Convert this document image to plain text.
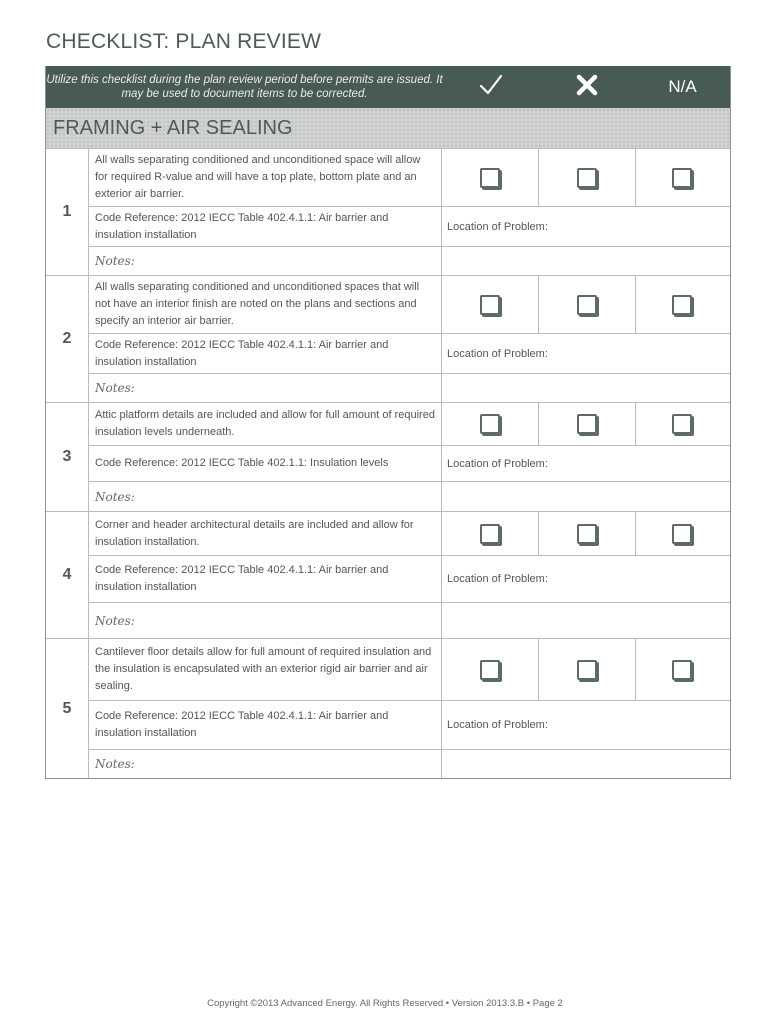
CHECKLIST: PLAN REVIEW
Utilize this checklist during the plan review period before permits are issued. It may be used to document items to be corrected.	N/A
FRAMING + AIR SEALING
1
All walls separating conditioned and unconditioned space will allow for required R-value and will have a top plate, bottom plate and an exterior air barrier.
Code Reference: 2012 IECC Table 402.4.1.1: Air barrier and insulation installation
Location of Problem:
Notes:
2
All walls separating conditioned and unconditioned spaces that will not have an interior finish are noted on the plans and sections and specify an interior air barrier.
Code Reference: 2012 IECC Table 402.4.1.1: Air barrier and insulation installation
Location of Problem:
Notes:
3
Attic platform details are included and allow for full amount of required insulation levels underneath.
Code Reference: 2012 IECC Table 402.1.1: Insulation levels	Location of Problem:
Notes:
4
Corner and header architectural details are included and allow for insulation installation.
Code Reference: 2012 IECC Table 402.4.1.1: Air barrier and insulation installation
Location of Problem:
Notes:
5
Cantilever floor details allow for full amount of required insulation and the insulation is encapsulated with an exterior rigid air barrier and air sealing.
Code Reference: 2012 IECC Table 402.4.1.1: Air barrier and insulation installation
Location of Problem:
Notes:
Copyright ©2013 Advanced Energy. All Rights Reserved • Version 2013.3.B • Page 2
